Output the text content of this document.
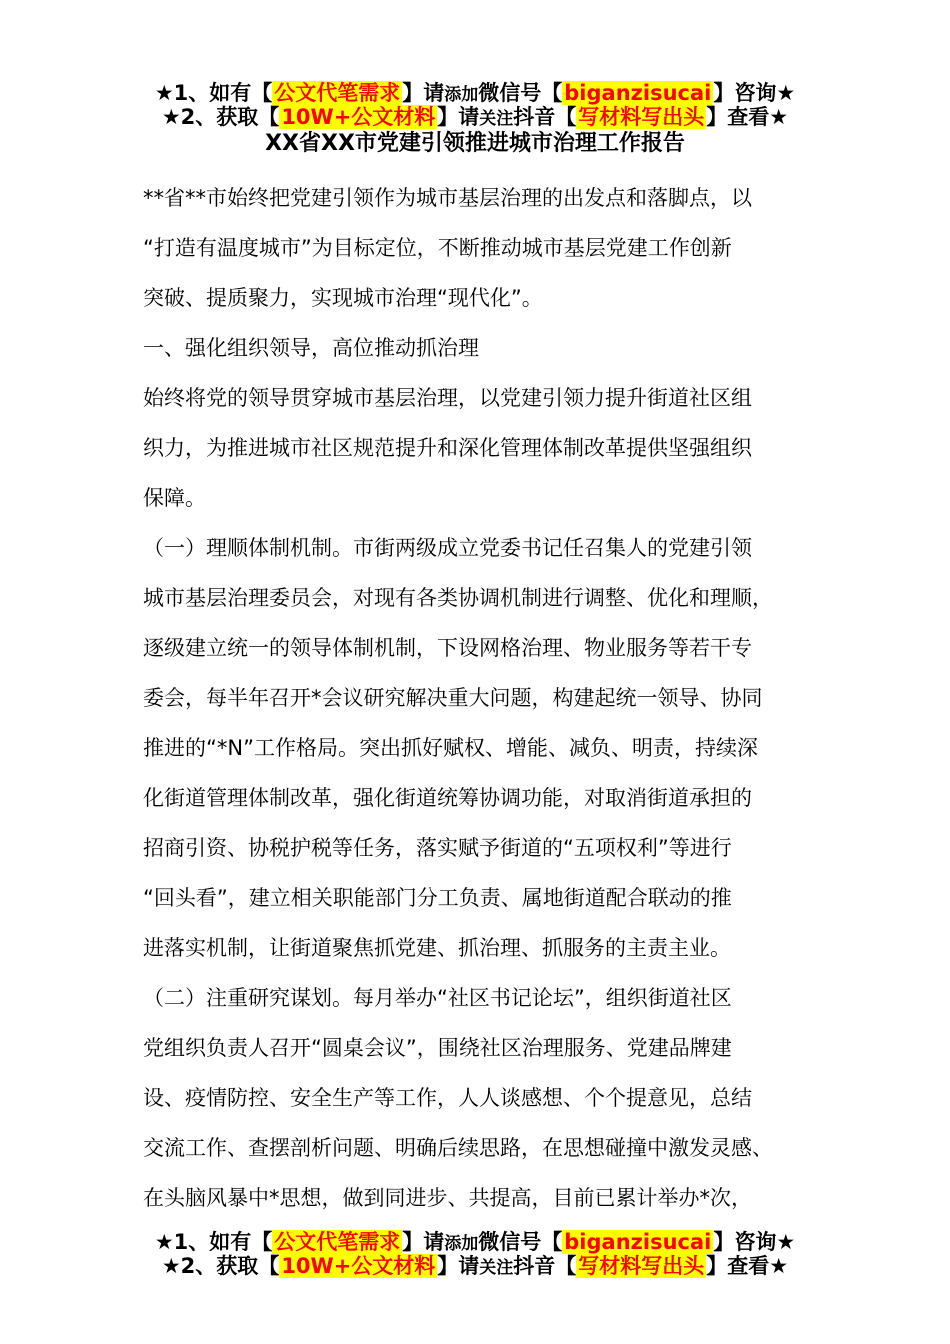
★1、如有【公文代笔需求】请添加微信号【biganzisucai】咨询★
★2、获取【10W+公文材料】请关注抖音【写材料写出头】查看★
XX省XX市党建引领推进城市治理工作报告
**省**市始终把党建引领作为城市基层治理的出发点和落脚点，以
“打造有温度城市”为目标定位，不断推动城市基层党建工作创新
突破、提质聚力，实现城市治理“现代化”。
一、强化组织领导，高位推动抓治理
始终将党的领导贯穿城市基层治理，以党建引领力提升街道社区组
织力，为推进城市社区规范提升和深化管理体制改革提供坚强组织
保障。
（一）理顺体制机制。市街两级成立党委书记任召集人的党建引领
城市基层治理委员会，对现有各类协调机制进行调整、优化和理顺，
逐级建立统一的领导体制机制，下设网格治理、物业服务等若干专
委会，每半年召开*会议研究解决重大问题，构建起统一领导、协同
推进的“*N”工作格局。突出抓好赋权、增能、减负、明责，持续深
化街道管理体制改革，强化街道统筹协调功能，对取消街道承担的
招商引资、协税护税等任务，落实赋予街道的“五项权利”等进行
“回头看”，建立相关职能部门分工负责、属地街道配合联动的推
进落实机制，让街道聚焦抓党建、抓治理、抓服务的主责主业。
（二）注重研究谋划。每月举办“社区书记论坛”，组织街道社区
党组织负责人召开“圆桌会议”，围绕社区治理服务、党建品牌建
设、疫情防控、安全生产等工作，人人谈感想、个个提意见，总结
交流工作、查摆剖析问题、明确后续思路，在思想碰撞中激发灵感、
在头脑风暴中*思想，做到同进步、共提高，目前已累计举办*次，
★1、如有【公文代笔需求】请添加微信号【biganzisucai】咨询★
★2、获取【10W+公文材料】请关注抖音【写材料写出头】查看★
